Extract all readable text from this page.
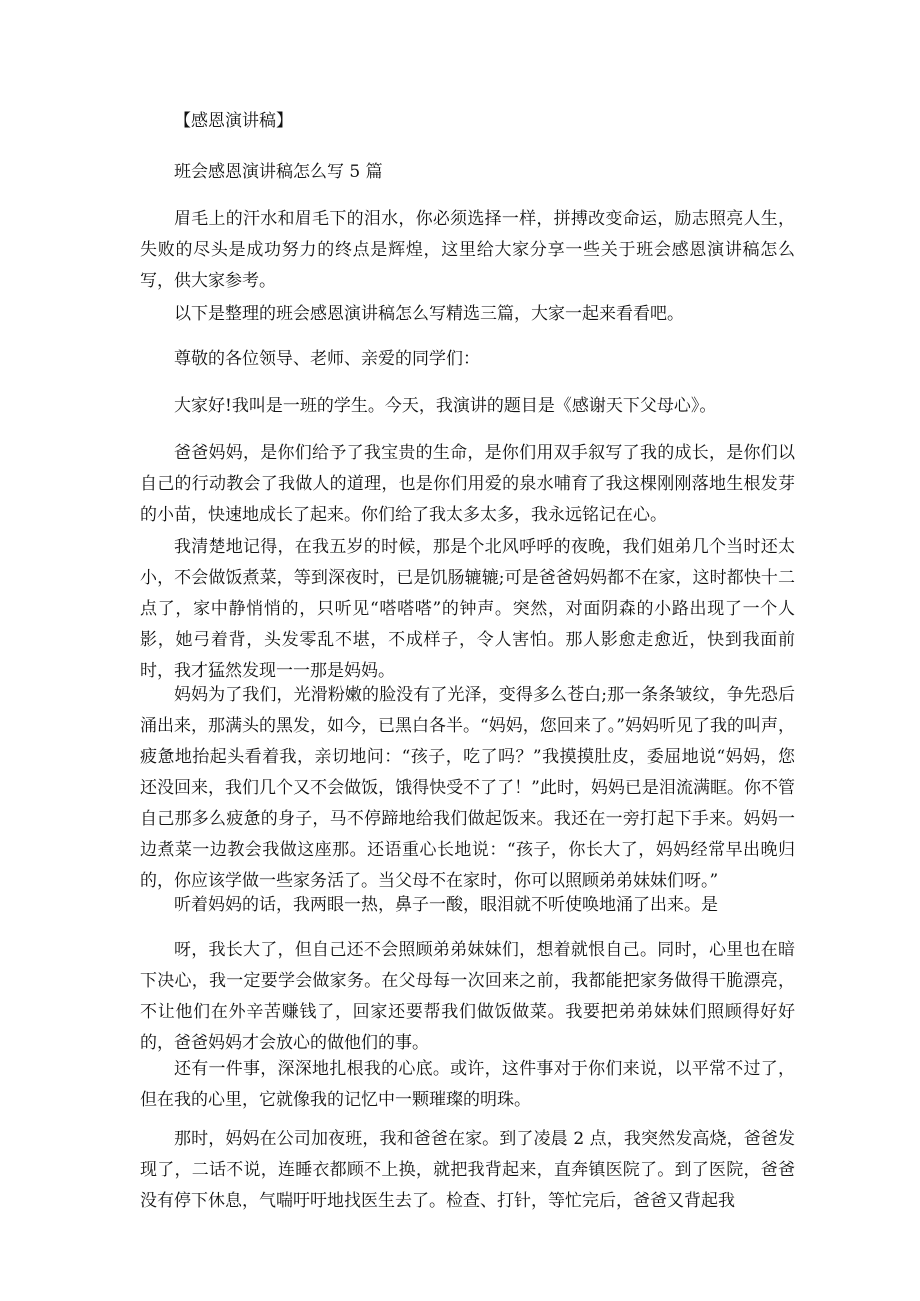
【感恩演讲稿】

班会感恩演讲稿怎么写 5 篇

眉毛上的汗水和眉毛下的泪水，你必须选择一样，拼搏改变命运，励志照亮人生，失败的尽头是成功努力的终点是辉煌，这里给大家分享一些关于班会感恩演讲稿怎么写，供大家参考。

以下是整理的班会感恩演讲稿怎么写精选三篇，大家一起来看看吧。

尊敬的各位领导、老师、亲爱的同学们：

大家好!我叫是一班的学生。今天，我演讲的题目是《感谢天下父母心》。

爸爸妈妈，是你们给予了我宝贵的生命，是你们用双手叙写了我的成长，是你们以自己的行动教会了我做人的道理，也是你们用爱的泉水哺育了我这棵刚刚落地生根发芽的小苗，快速地成长了起来。你们给了我太多太多，我永远铭记在心。

我清楚地记得，在我五岁的时候，那是个北风呼呼的夜晚，我们姐弟几个当时还太小，不会做饭煮菜，等到深夜时，已是饥肠辘辘;可是爸爸妈妈都不在家，这时都快十二点了，家中静悄悄的，只听见“嗒嗒嗒”的钟声。突然，对面阴森的小路出现了一个人影，她弓着背，头发零乱不堪，不成样子，令人害怕。那人影愈走愈近，快到我面前时，我才猛然发现一一那是妈妈。

妈妈为了我们，光滑粉嫩的脸没有了光泽，变得多么苍白;那一条条皱纹，争先恐后涌出来，那满头的黑发，如今，已黑白各半。“妈妈，您回来了。”妈妈听见了我的叫声，疲惫地抬起头看着我，亲切地问：“孩子，吃了吗？”我摸摸肚皮，委屈地说“妈妈，您还没回来，我们几个又不会做饭，饿得快受不了了！”此时，妈妈已是泪流满眶。你不管自己那多么疲惫的身子，马不停蹄地给我们做起饭来。我还在一旁打起下手来。妈妈一边煮菜一边教会我做这座那。还语重心长地说：“孩子，你长大了，妈妈经常早出晚归的，你应该学做一些家务活了。当父母不在家时，你可以照顾弟弟妹妹们呀。”

听着妈妈的话，我两眼一热，鼻子一酸，眼泪就不听使唤地涌了出来。是

呀，我长大了，但自己还不会照顾弟弟妹妹们，想着就恨自己。同时，心里也在暗下决心，我一定要学会做家务。在父母每一次回来之前，我都能把家务做得干脆漂亮，不让他们在外辛苦赚钱了，回家还要帮我们做饭做菜。我要把弟弟妹妹们照顾得好好的，爸爸妈妈才会放心的做他们的事。

还有一件事，深深地扎根我的心底。或许，这件事对于你们来说，以平常不过了，但在我的心里，它就像我的记忆中一颗璀璨的明珠。

那时，妈妈在公司加夜班，我和爸爸在家。到了凌晨 2 点，我突然发高烧，爸爸发现了，二话不说，连睡衣都顾不上换，就把我背起来，直奔镇医院了。到了医院，爸爸没有停下休息，气喘吁吁地找医生去了。检查、打针，等忙完后，爸爸又背起我
